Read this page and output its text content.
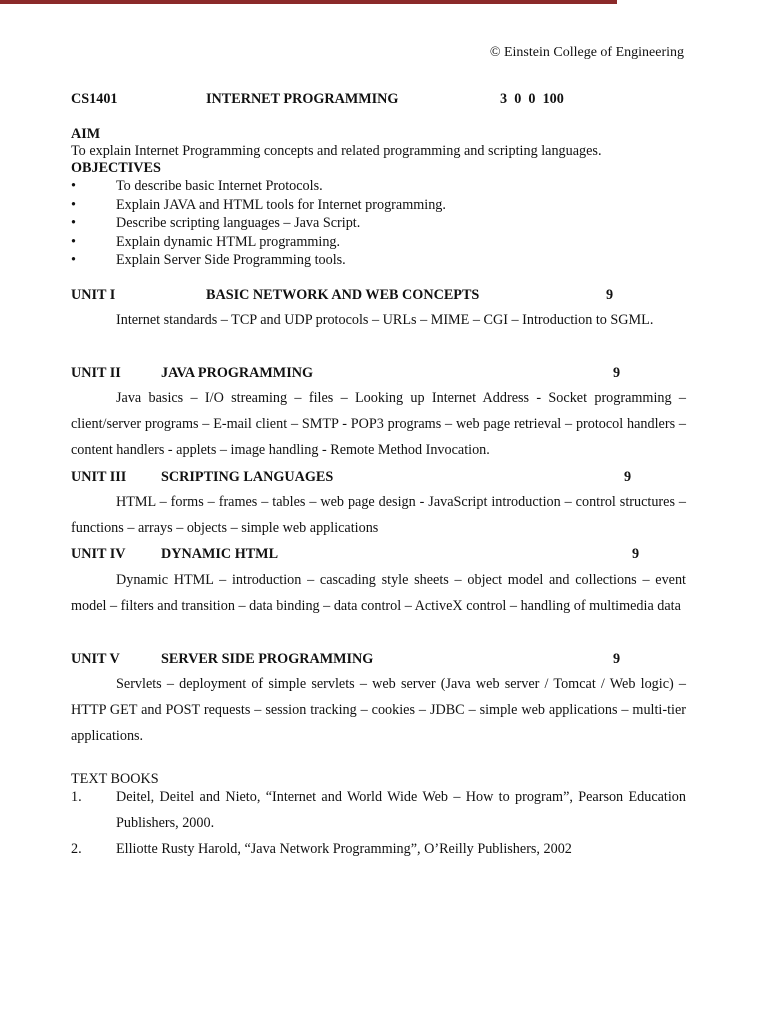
© Einstein College of Engineering
CS1401	INTERNET PROGRAMMING	3  0  0  100
AIM
To explain Internet Programming concepts and related programming and scripting languages.
OBJECTIVES
•	To describe basic Internet Protocols.
•	Explain JAVA and HTML tools for Internet programming.
•	Describe scripting languages – Java Script.
•	Explain dynamic HTML programming.
•	Explain Server Side Programming tools.
UNIT I	BASIC NETWORK AND WEB CONCEPTS	9
Internet standards – TCP and UDP protocols – URLs – MIME – CGI – Introduction to SGML.
UNIT II	JAVA PROGRAMMING	9
Java basics – I/O streaming – files – Looking up Internet Address - Socket programming – client/server programs – E-mail client – SMTP - POP3 programs – web page retrieval – protocol handlers – content handlers - applets – image handling - Remote Method Invocation.
UNIT III SCRIPTING LANGUAGES	9
HTML – forms – frames – tables – web page design - JavaScript introduction – control structures – functions – arrays – objects – simple web applications
UNIT IV DYNAMIC HTML	9
Dynamic HTML – introduction – cascading style sheets – object model and collections – event model – filters and transition – data binding – data control – ActiveX control – handling of multimedia data
UNIT V	SERVER SIDE PROGRAMMING	9
Servlets – deployment of simple servlets – web server (Java web server / Tomcat / Web logic) – HTTP GET and POST requests – session tracking – cookies – JDBC – simple web applications – multi-tier applications.
TEXT BOOKS
1. Deitel, Deitel and Nieto, “Internet and World Wide Web – How to program”, Pearson Education Publishers, 2000.
2. Elliotte Rusty Harold, “Java Network Programming”, O’Reilly Publishers, 2002
